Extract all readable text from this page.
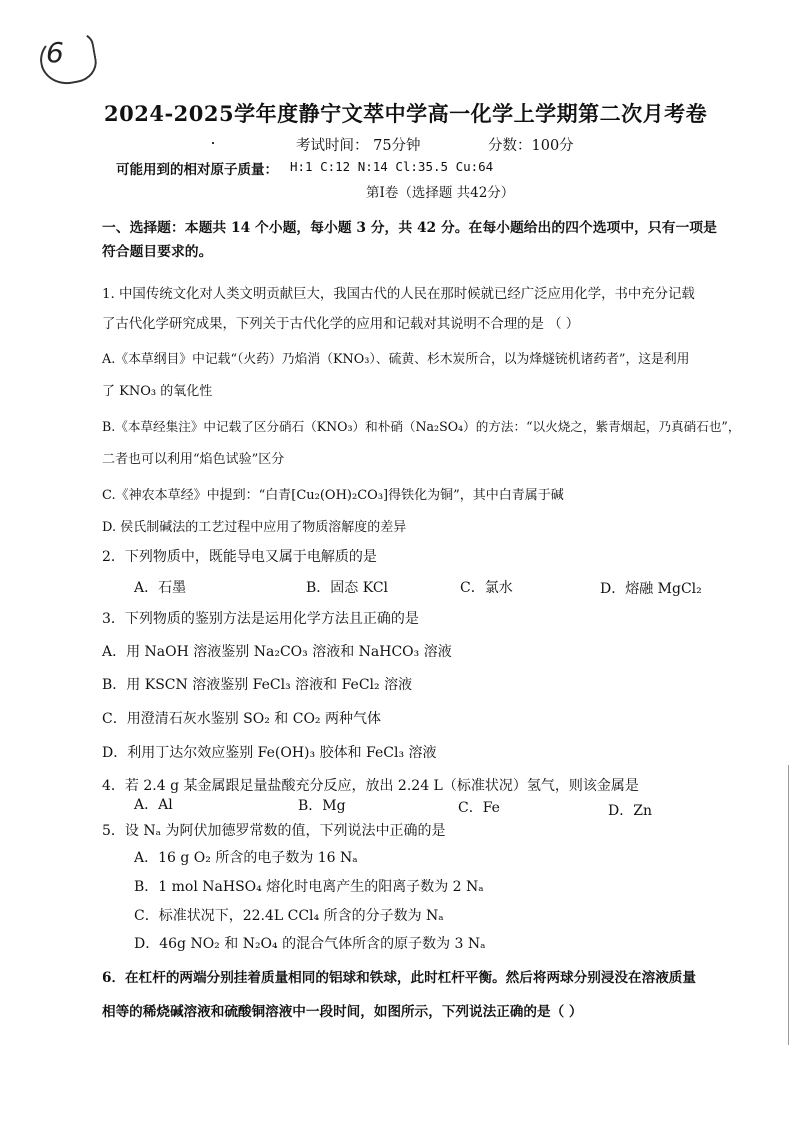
6
2024-2025学年度静宁文萃中学高一化学上学期第二次月考卷
考试时间： 75分钟	分数：100分
可能用到的相对原子质量： H:1 C:12 N:14 Cl:35.5 Cu:64
第Ⅰ卷（选择题 共42分）
一、选择题：本题共 14 个小题，每小题 3 分，共 42 分。在每小题给出的四个选项中，只有一项是
符合题目要求的。
1. 中国传统文化对人类文明贡献巨大，我国古代的人民在那时候就已经广泛应用化学，书中充分记载
了古代化学研究成果，下列关于古代化学的应用和记载对其说明不合理的是 （ ）
A.《本草纲目》中记载“（火药）乃焰消（KNO₃）、硫黄、杉木炭所合，以为烽燧铳机诸药者”，这是利用
了 KNO₃ 的氧化性
B.《本草经集注》中记载了区分硝石（KNO₃）和朴硝（Na₂SO₄）的方法：“以火烧之，紫青烟起，乃真硝石也”，
二者也可以利用“焰色试验”区分
C.《神农本草经》中提到：“白青[Cu₂(OH)₂CO₃]得铁化为铜”，其中白青属于碱
D. 侯氏制碱法的工艺过程中应用了物质溶解度的差异
2．下列物质中，既能导电又属于电解质的是
A．石墨	B．固态 KCl	C．氯水	D．熔融 MgCl₂
3．下列物质的鉴别方法是运用化学方法且正确的是
A．用 NaOH 溶液鉴别 Na₂CO₃ 溶液和 NaHCO₃ 溶液
B．用 KSCN 溶液鉴别 FeCl₃ 溶液和 FeCl₂ 溶液
C．用澄清石灰水鉴别 SO₂ 和 CO₂ 两种气体
D．利用丁达尔效应鉴别 Fe(OH)₃ 胶体和 FeCl₃ 溶液
4．若 2.4 g 某金属跟足量盐酸充分反应，放出 2.24 L（标准状况）氢气，则该金属是
A．Al	B．Mg	C．Fe	D．Zn
5．设 Nₐ 为阿伏加德罗常数的值，下列说法中正确的是
A．16 g O₂ 所含的电子数为 16 Nₐ
B．1 mol NaHSO₄ 熔化时电离产生的阳离子数为 2 Nₐ
C．标准状况下，22.4L CCl₄ 所含的分子数为 Nₐ
D．46g NO₂ 和 N₂O₄ 的混合气体所含的原子数为 3 Nₐ
6．在杠杆的两端分别挂着质量相同的铝球和铁球，此时杠杆平衡。然后将两球分别浸没在溶液质量
相等的稀烧碱溶液和硫酸铜溶液中一段时间，如图所示，下列说法正确的是（ ）
